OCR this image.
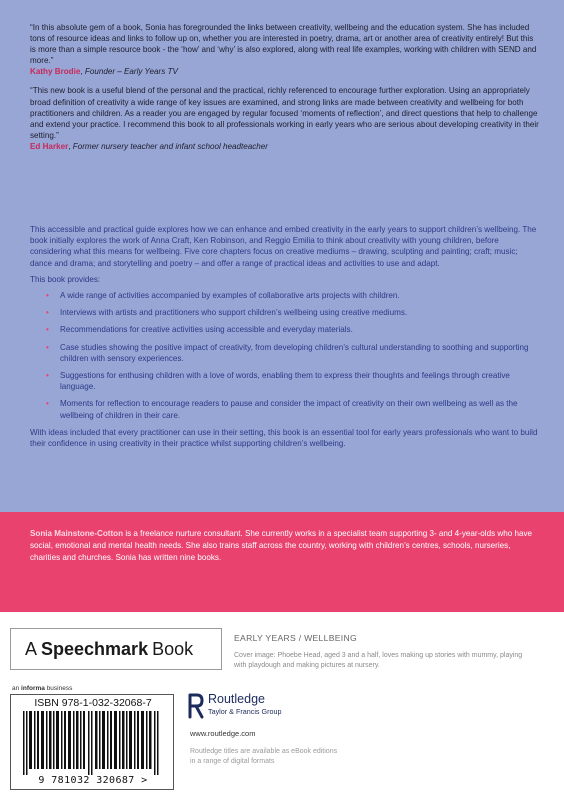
“In this absolute gem of a book, Sonia has foregrounded the links between creativity, wellbeing and the education system. She has included tons of resource ideas and links to follow up on, whether you are interested in poetry, drama, art or another area of creativity entirely! But this is more than a simple resource book - the ‘how’ and ‘why’ is also explored, along with real life examples, working with children with SEND and more.”

Kathy Brodie, Founder – Early Years TV

“This new book is a useful blend of the personal and the practical, richly referenced to encourage further exploration. Using an appropriately broad definition of creativity a wide range of key issues are examined, and strong links are made between creativity and wellbeing for both practitioners and children. As a reader you are engaged by regular focused ‘moments of reflection’, and direct questions that help to challenge and extend your practice. I recommend this book to all professionals working in early years who are serious about developing creativity in their setting.”

Ed Harker, Former nursery teacher and infant school headteacher

This accessible and practical guide explores how we can enhance and embed creativity in the early years to support children’s wellbeing. The book initially explores the work of Anna Craft, Ken Robinson, and Reggio Emilia to think about creativity with young children, before considering what this means for wellbeing. Five core chapters focus on creative mediums – drawing, sculpting and painting; craft; music; dance and drama; and storytelling and poetry – and offer a range of practical ideas and activities to use and adapt.

This book provides:

• A wide range of activities accompanied by examples of collaborative arts projects with children.
• Interviews with artists and practitioners who support children’s wellbeing using creative mediums.
• Recommendations for creative activities using accessible and everyday materials.
• Case studies showing the positive impact of creativity, from developing children’s cultural understanding to soothing and supporting children with sensory experiences.
• Suggestions for enthusing children with a love of words, enabling them to express their thoughts and feelings through creative language.
• Moments for reflection to encourage readers to pause and consider the impact of creativity on their own wellbeing as well as the wellbeing of children in their care.

With ideas included that every practitioner can use in their setting, this book is an essential tool for early years professionals who want to build their confidence in using creativity in their practice whilst supporting children’s wellbeing.

Sonia Mainstone-Cotton is a freelance nurture consultant. She currently works in a specialist team supporting 3- and 4-year-olds who have social, emotional and mental health needs. She also trains staff across the country, working with children’s centres, schools, nurseries, charities and churches. Sonia has written nine books.
A Speechmark Book
EARLY YEARS / WELLBEING
Cover image: Phoebe Head, aged 3 and a half, loves making up stories with mummy, playing with playdough and making pictures at nursery.
an informa business
ISBN 978-1-032-32068-7
9 781032 320687 >
Routledge
Taylor & Francis Group
www.routledge.com
Routledge titles are available as eBook editions in a range of digital formats
